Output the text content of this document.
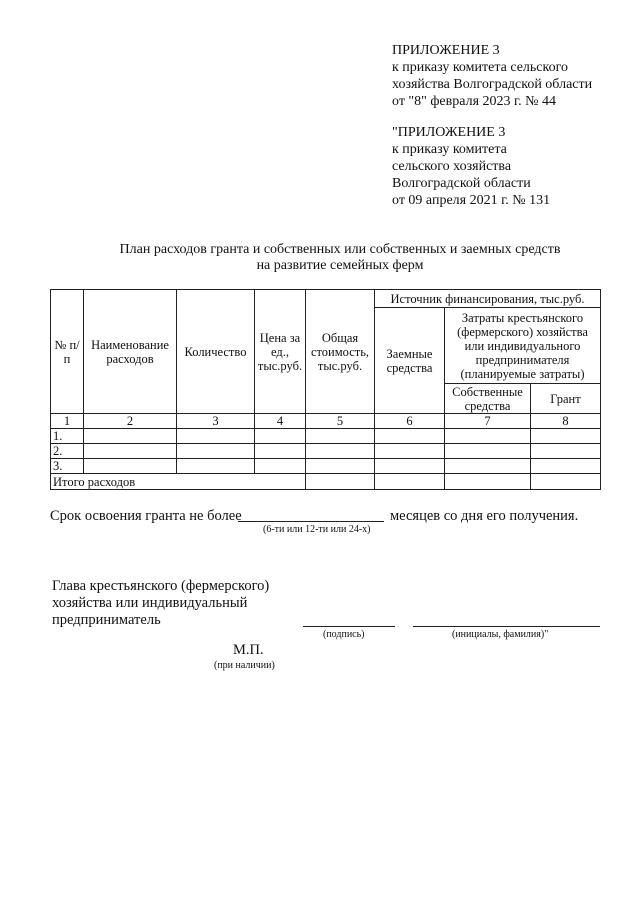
ПРИЛОЖЕНИЕ 3
к приказу комитета сельского
хозяйства Волгоградской области
от "8" февраля 2023 г. № 44
"ПРИЛОЖЕНИЕ 3
к приказу комитета
сельского хозяйства
Волгоградской области
от 09 апреля 2021 г. № 131
План расходов гранта и собственных или собственных и заемных средств
на развитие семейных ферм
№ п/п	Наименование расходов	Количество	Цена за ед., тыс.руб.	Общая стоимость, тыс.руб.	Источник финансирования, тыс.руб.		
					Заемные средства	Затраты крестьянского (фермерского) хозяйства или индивидуального предпринимателя (планируемые затраты)	
						Собственные средства	Грант
1	2	3	4	5	6	7	8
1.							
2.							
3.							
Итого расходов							
Срок освоения гранта не более	месяцев со дня его получения.
(6-ти или 12-ти или 24-х)
Глава крестьянского (фермерского)
хозяйства или индивидуальный
предприниматель
(подпись)	(инициалы, фамилия)"
М.П.
(при наличии)
